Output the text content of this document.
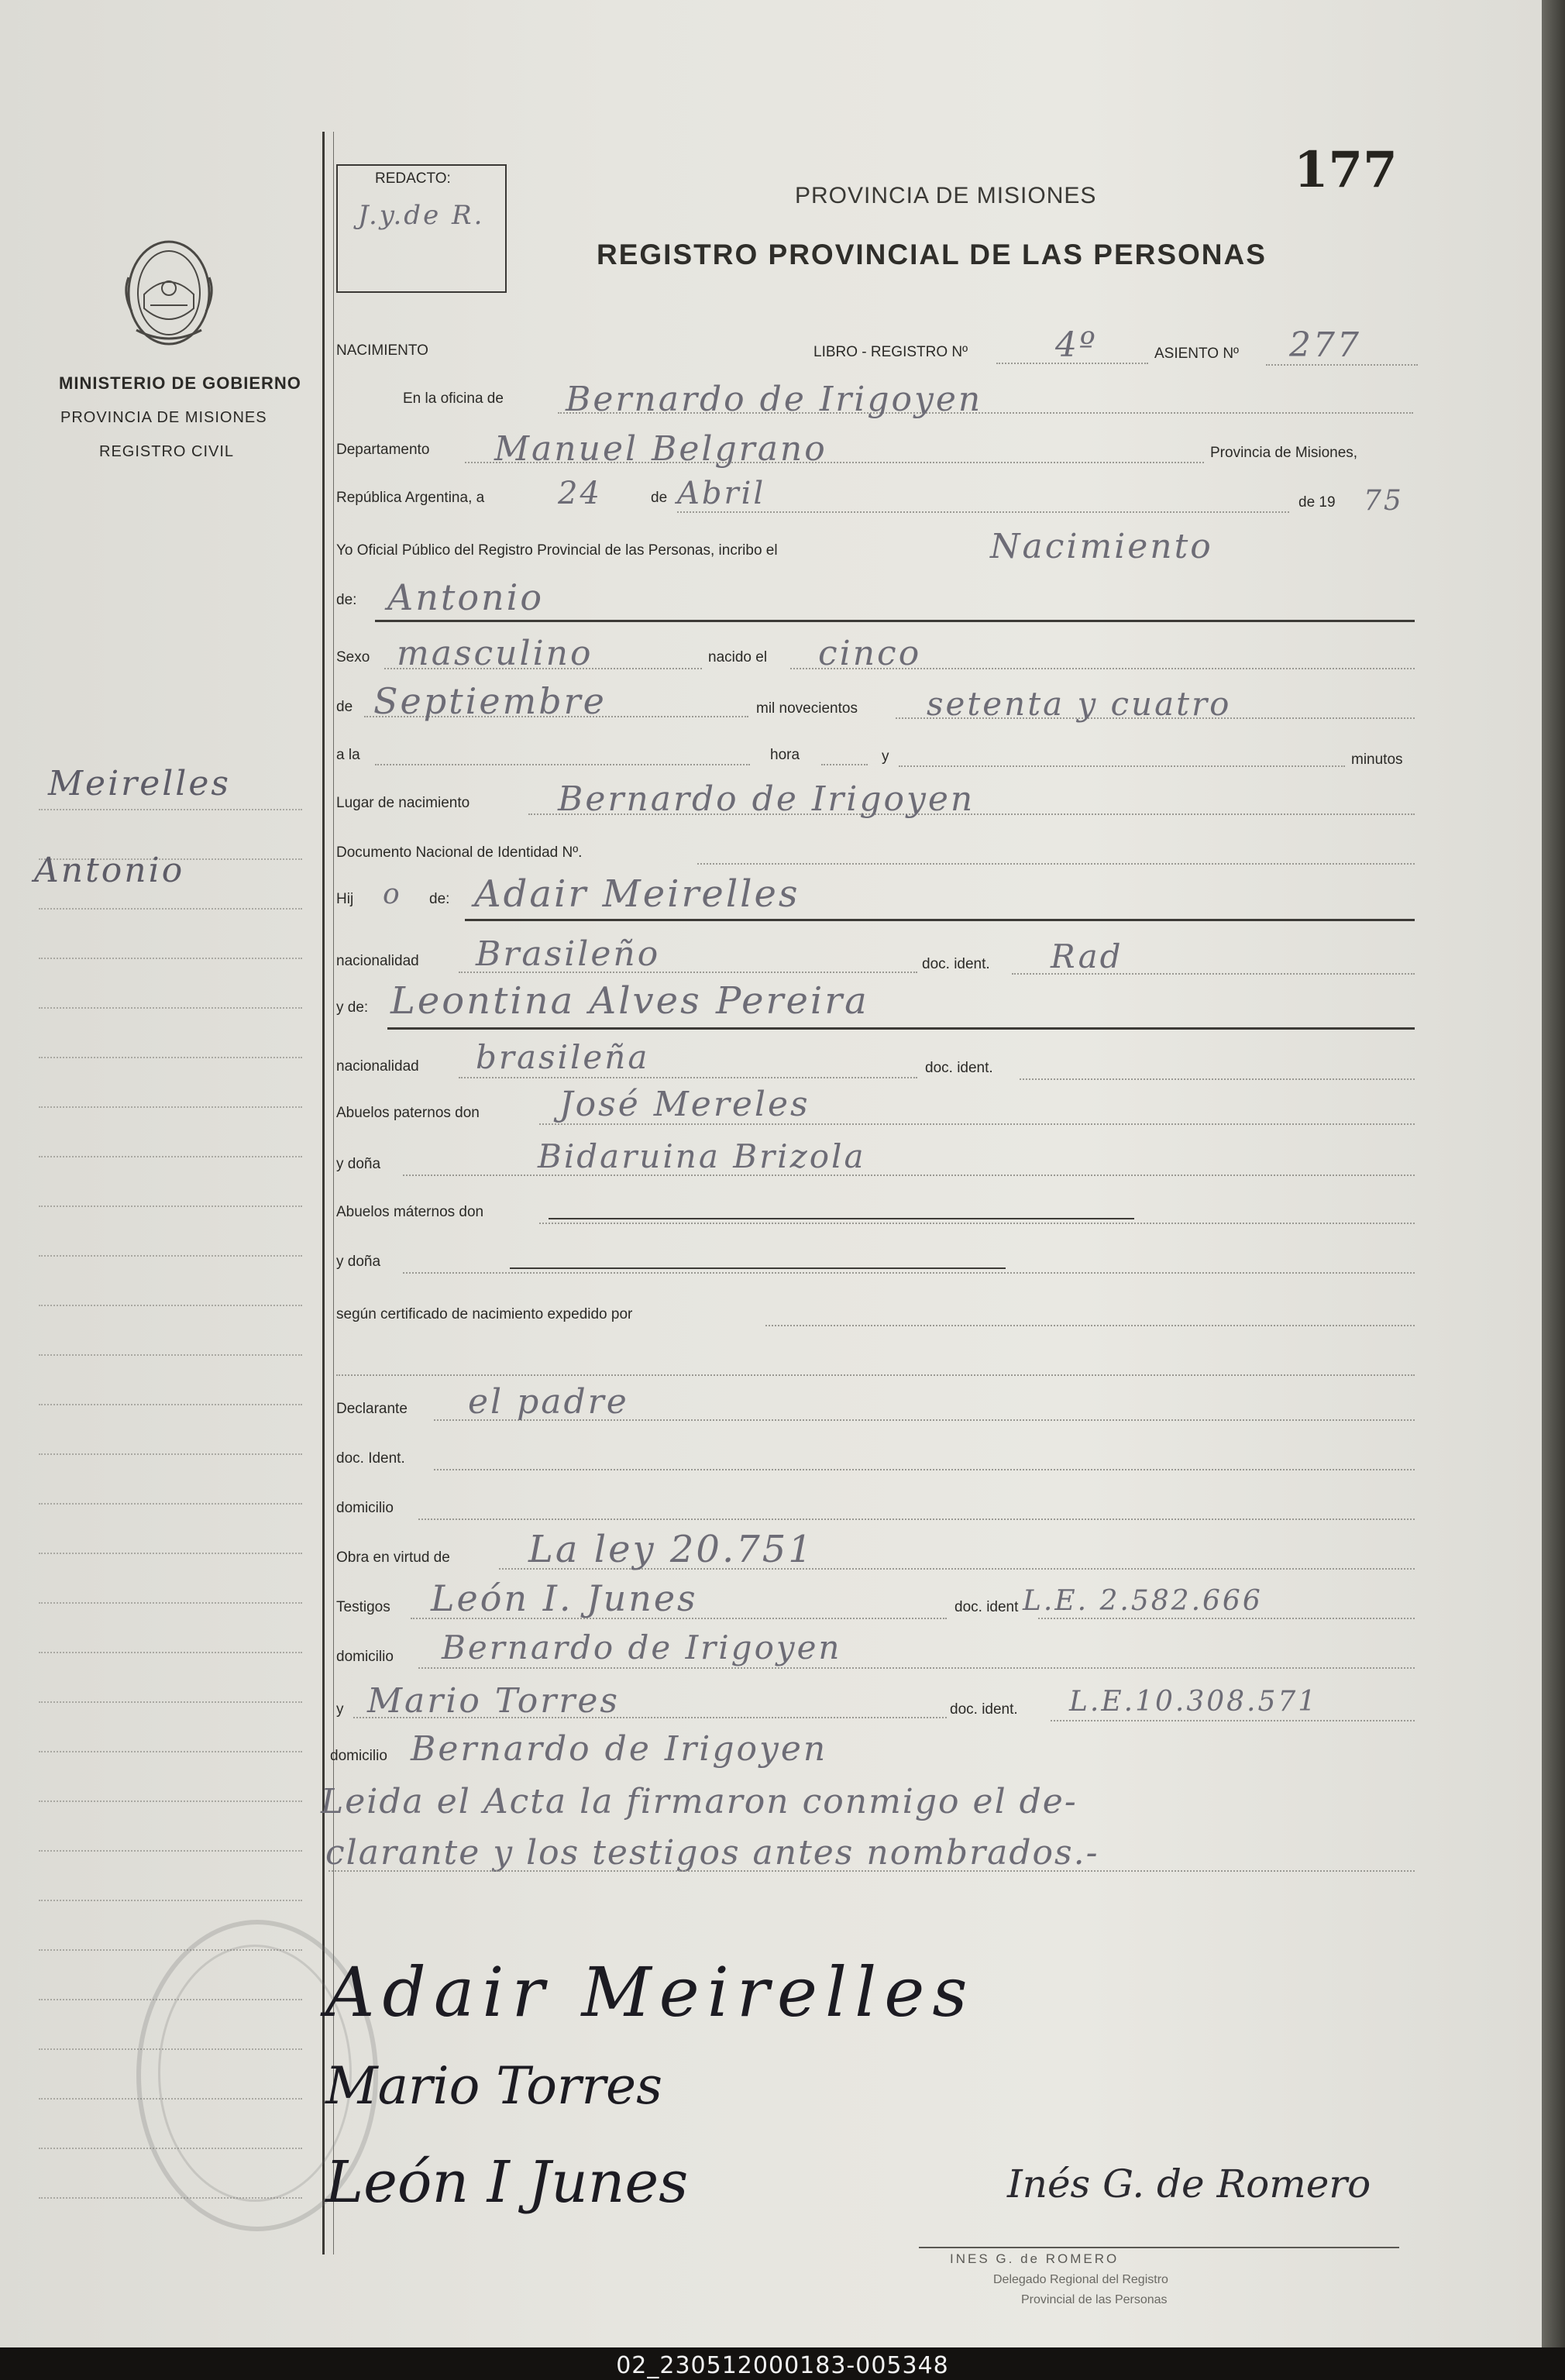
MINISTERIO DE GOBIERNO
PROVINCIA DE MISIONES
REGISTRO CIVIL
Meirelles
Antonio
REDACTO:
J.y.de R.
177
PROVINCIA DE MISIONES
REGISTRO PROVINCIAL DE LAS PERSONAS
NACIMIENTO	LIBRO - REGISTRO Nº	4º	ASIENTO Nº 277
En la oficina de Bernardo de Irigoyen
Departamento Manuel Belgrano	Provincia de Misiones,
República Argentina, a 24	de Abril	de 19 75
Yo Oficial Público del Registro Provincial de las Personas, incribo el	Nacimiento
de: Antonio
Sexo masculino	nacido el cinco
de Septiembre	mil novecientos setenta y cuatro
a la	hora	y	minutos
Lugar de nacimiento	Bernardo de Irigoyen
Documento Nacional de Identidad Nº.
Hij o de: Adair Meirelles
nacionalidad Brasileño	doc. ident. Rad
y de: Leontina Alves Pereira
nacionalidad brasileña	doc. ident.
Abuelos paternos don José Mereles
y doña	Bidaruina Brizola
Abuelos máternos don
y doña
según certificado de nacimiento expedido por
Declarante el padre
doc. Ident.
domicilio
Obra en virtud de La ley 20.751
Testigos León I. Junes	doc. ident L.E. 2.582.666
domicilio Bernardo de Irigoyen
y Mario Torres	doc. ident. L.E.10.308.571
domicilio Bernardo de Irigoyen
Leida el Acta la firmaron conmigo el de-
clarante y los testigos antes nombrados.-
Adair Meirelles
Mario Torres
León I Junes	Inés G. de Romero
INES G. de ROMERO
Delegado Regional del Registro
Provincial de las Personas
02_230512000183-005348
